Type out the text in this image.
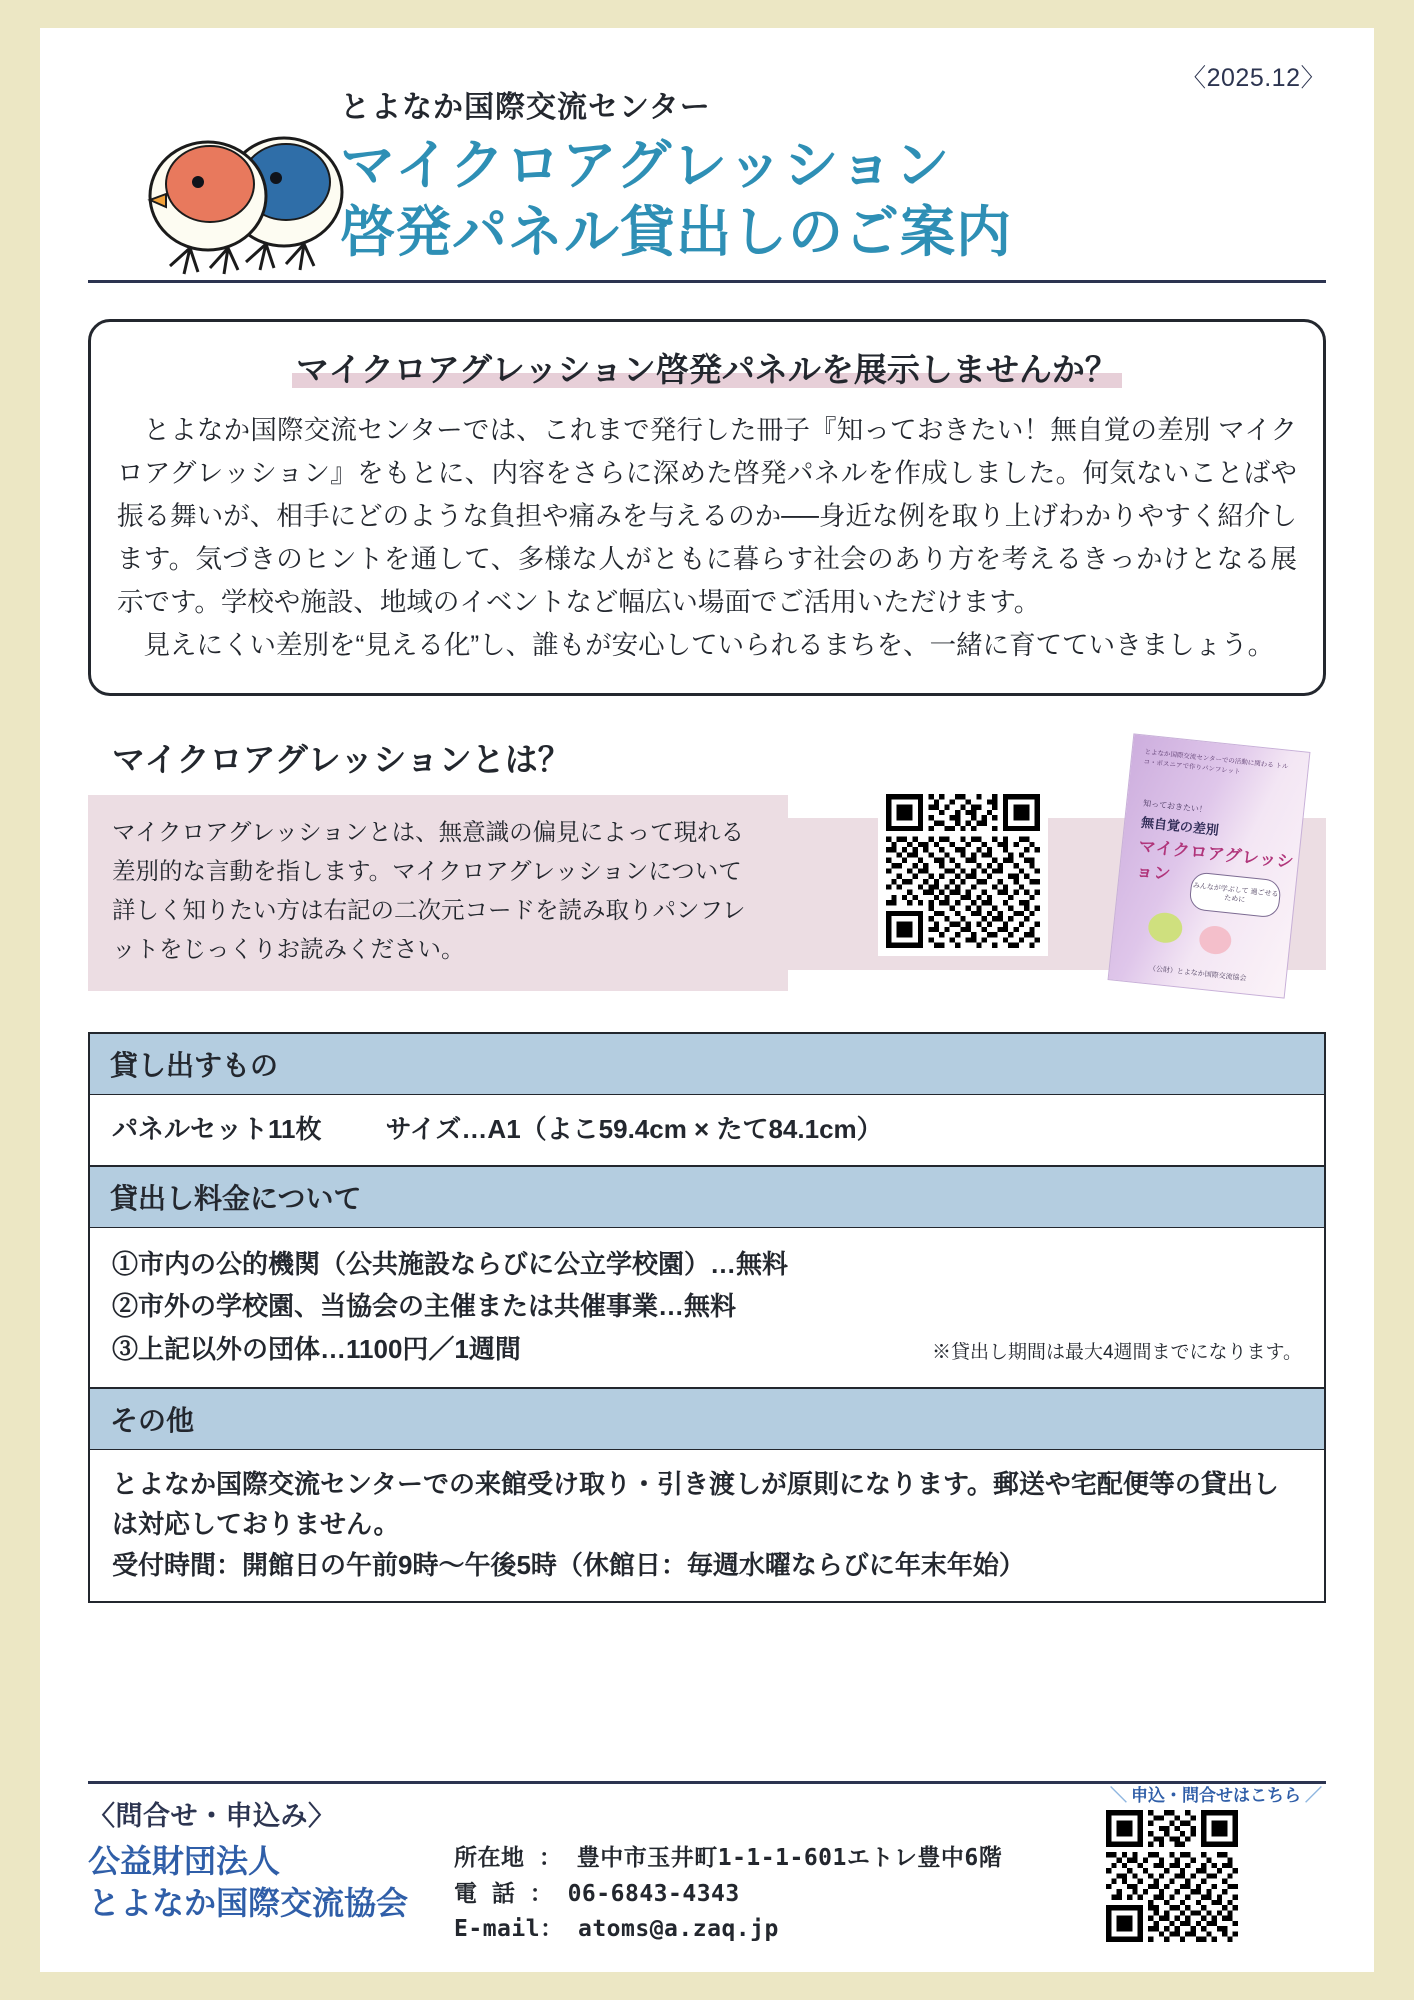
〈2025.12〉
とよなか国際交流センター
マイクロアグレッション
啓発パネル貸出しのご案内
マイクロアグレッション啓発パネルを展示しませんか？

とよなか国際交流センターでは、これまで発行した冊子『知っておきたい！無自覚の差別 マイクロアグレッション』をもとに、内容をさらに深めた啓発パネルを作成しました。何気ないことばや振る舞いが、相手にどのような負担や痛みを与えるのか──身近な例を取り上げわかりやすく紹介します。気づきのヒントを通して、多様な人がともに暮らす社会のあり方を考えるきっかけとなる展示です。学校や施設、地域のイベントなど幅広い場面でご活用いただけます。

見えにくい差別を“見える化”し、誰もが安心していられるまちを、一緒に育てていきましょう。

マイクロアグレッションとは？
マイクロアグレッションとは、無意識の偏見によって現れる差別的な言動を指します。マイクロアグレッションについて詳しく知りたい方は右記の二次元コードを読み取りパンフレットをじっくりお読みください。
とよなか国際交流センターでの活動に関わる トルコ・ボスニアで作りパンフレット
知っておきたい！
無自覚の差別
マイクロアグレッション
みんなが学ぶして 過ごせるために
（公財）とよなか国際交流協会
貸し出すもの
パネルセット11枚 サイズ…A1（よこ59.4cm × たて84.1cm）
貸出し料金について
①市内の公的機関（公共施設ならびに公立学校園）…無料
②市外の学校園、当協会の主催または共催事業…無料
③上記以外の団体…1100円／1週間	※貸出し期間は最大4週間までになります。
その他
とよなか国際交流センターでの来館受け取り・引き渡しが原則になります。郵送や宅配便等の貸出しは対応しておりません。
受付時間：開館日の午前9時〜午後5時（休館日：毎週水曜ならびに年末年始）
〈問合せ・申込み〉
公益財団法人
とよなか国際交流協会
所在地 ： 豊中市玉井町1-1-1-601エトレ豊中6階
電 話 ： 06-6843-4343
E-mail： atoms@a.zaq.jp
＼ 申込・問合せはこちら ／
